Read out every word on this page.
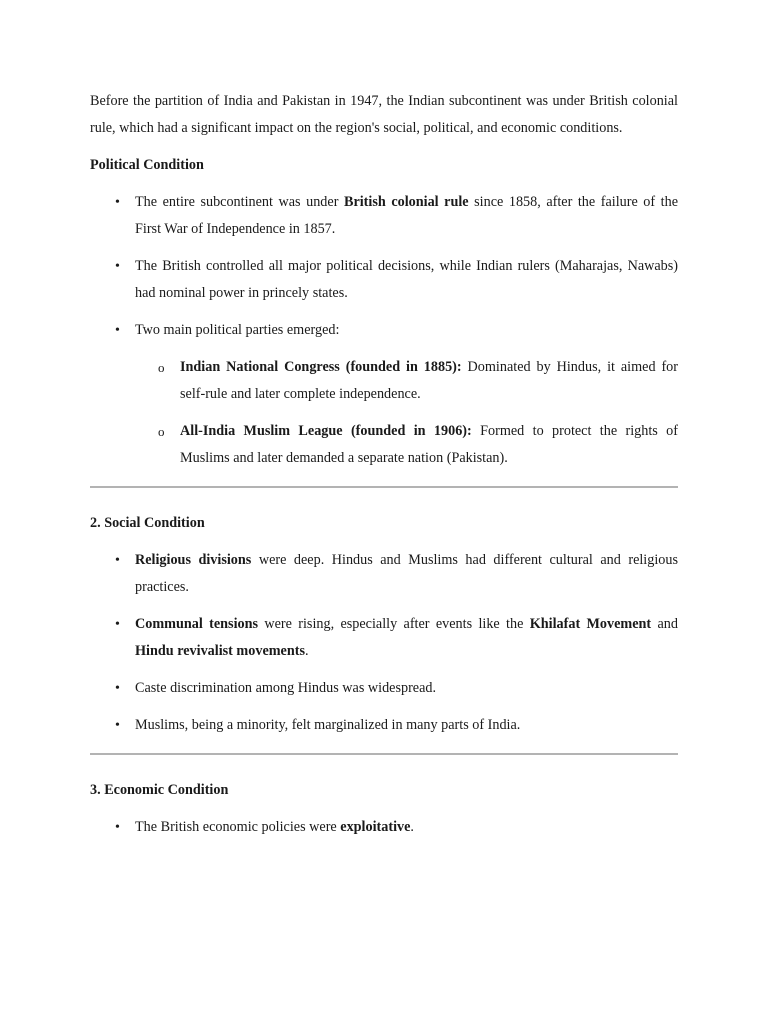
Before the partition of India and Pakistan in 1947, the Indian subcontinent was under British colonial rule, which had a significant impact on the region's social, political, and economic conditions.

Political Condition
• The entire subcontinent was under British colonial rule since 1858, after the failure of the First War of Independence in 1857.
• The British controlled all major political decisions, while Indian rulers (Maharajas, Nawabs) had nominal power in princely states.
• Two main political parties emerged:
o Indian National Congress (founded in 1885): Dominated by Hindus, it aimed for self-rule and later complete independence.
o All-India Muslim League (founded in 1906): Formed to protect the rights of Muslims and later demanded a separate nation (Pakistan).
2. Social Condition
• Religious divisions were deep. Hindus and Muslims had different cultural and religious practices.
• Communal tensions were rising, especially after events like the Khilafat Movement and Hindu revivalist movements.
• Caste discrimination among Hindus was widespread.
• Muslims, being a minority, felt marginalized in many parts of India.
3. Economic Condition
• The British economic policies were exploitative.
